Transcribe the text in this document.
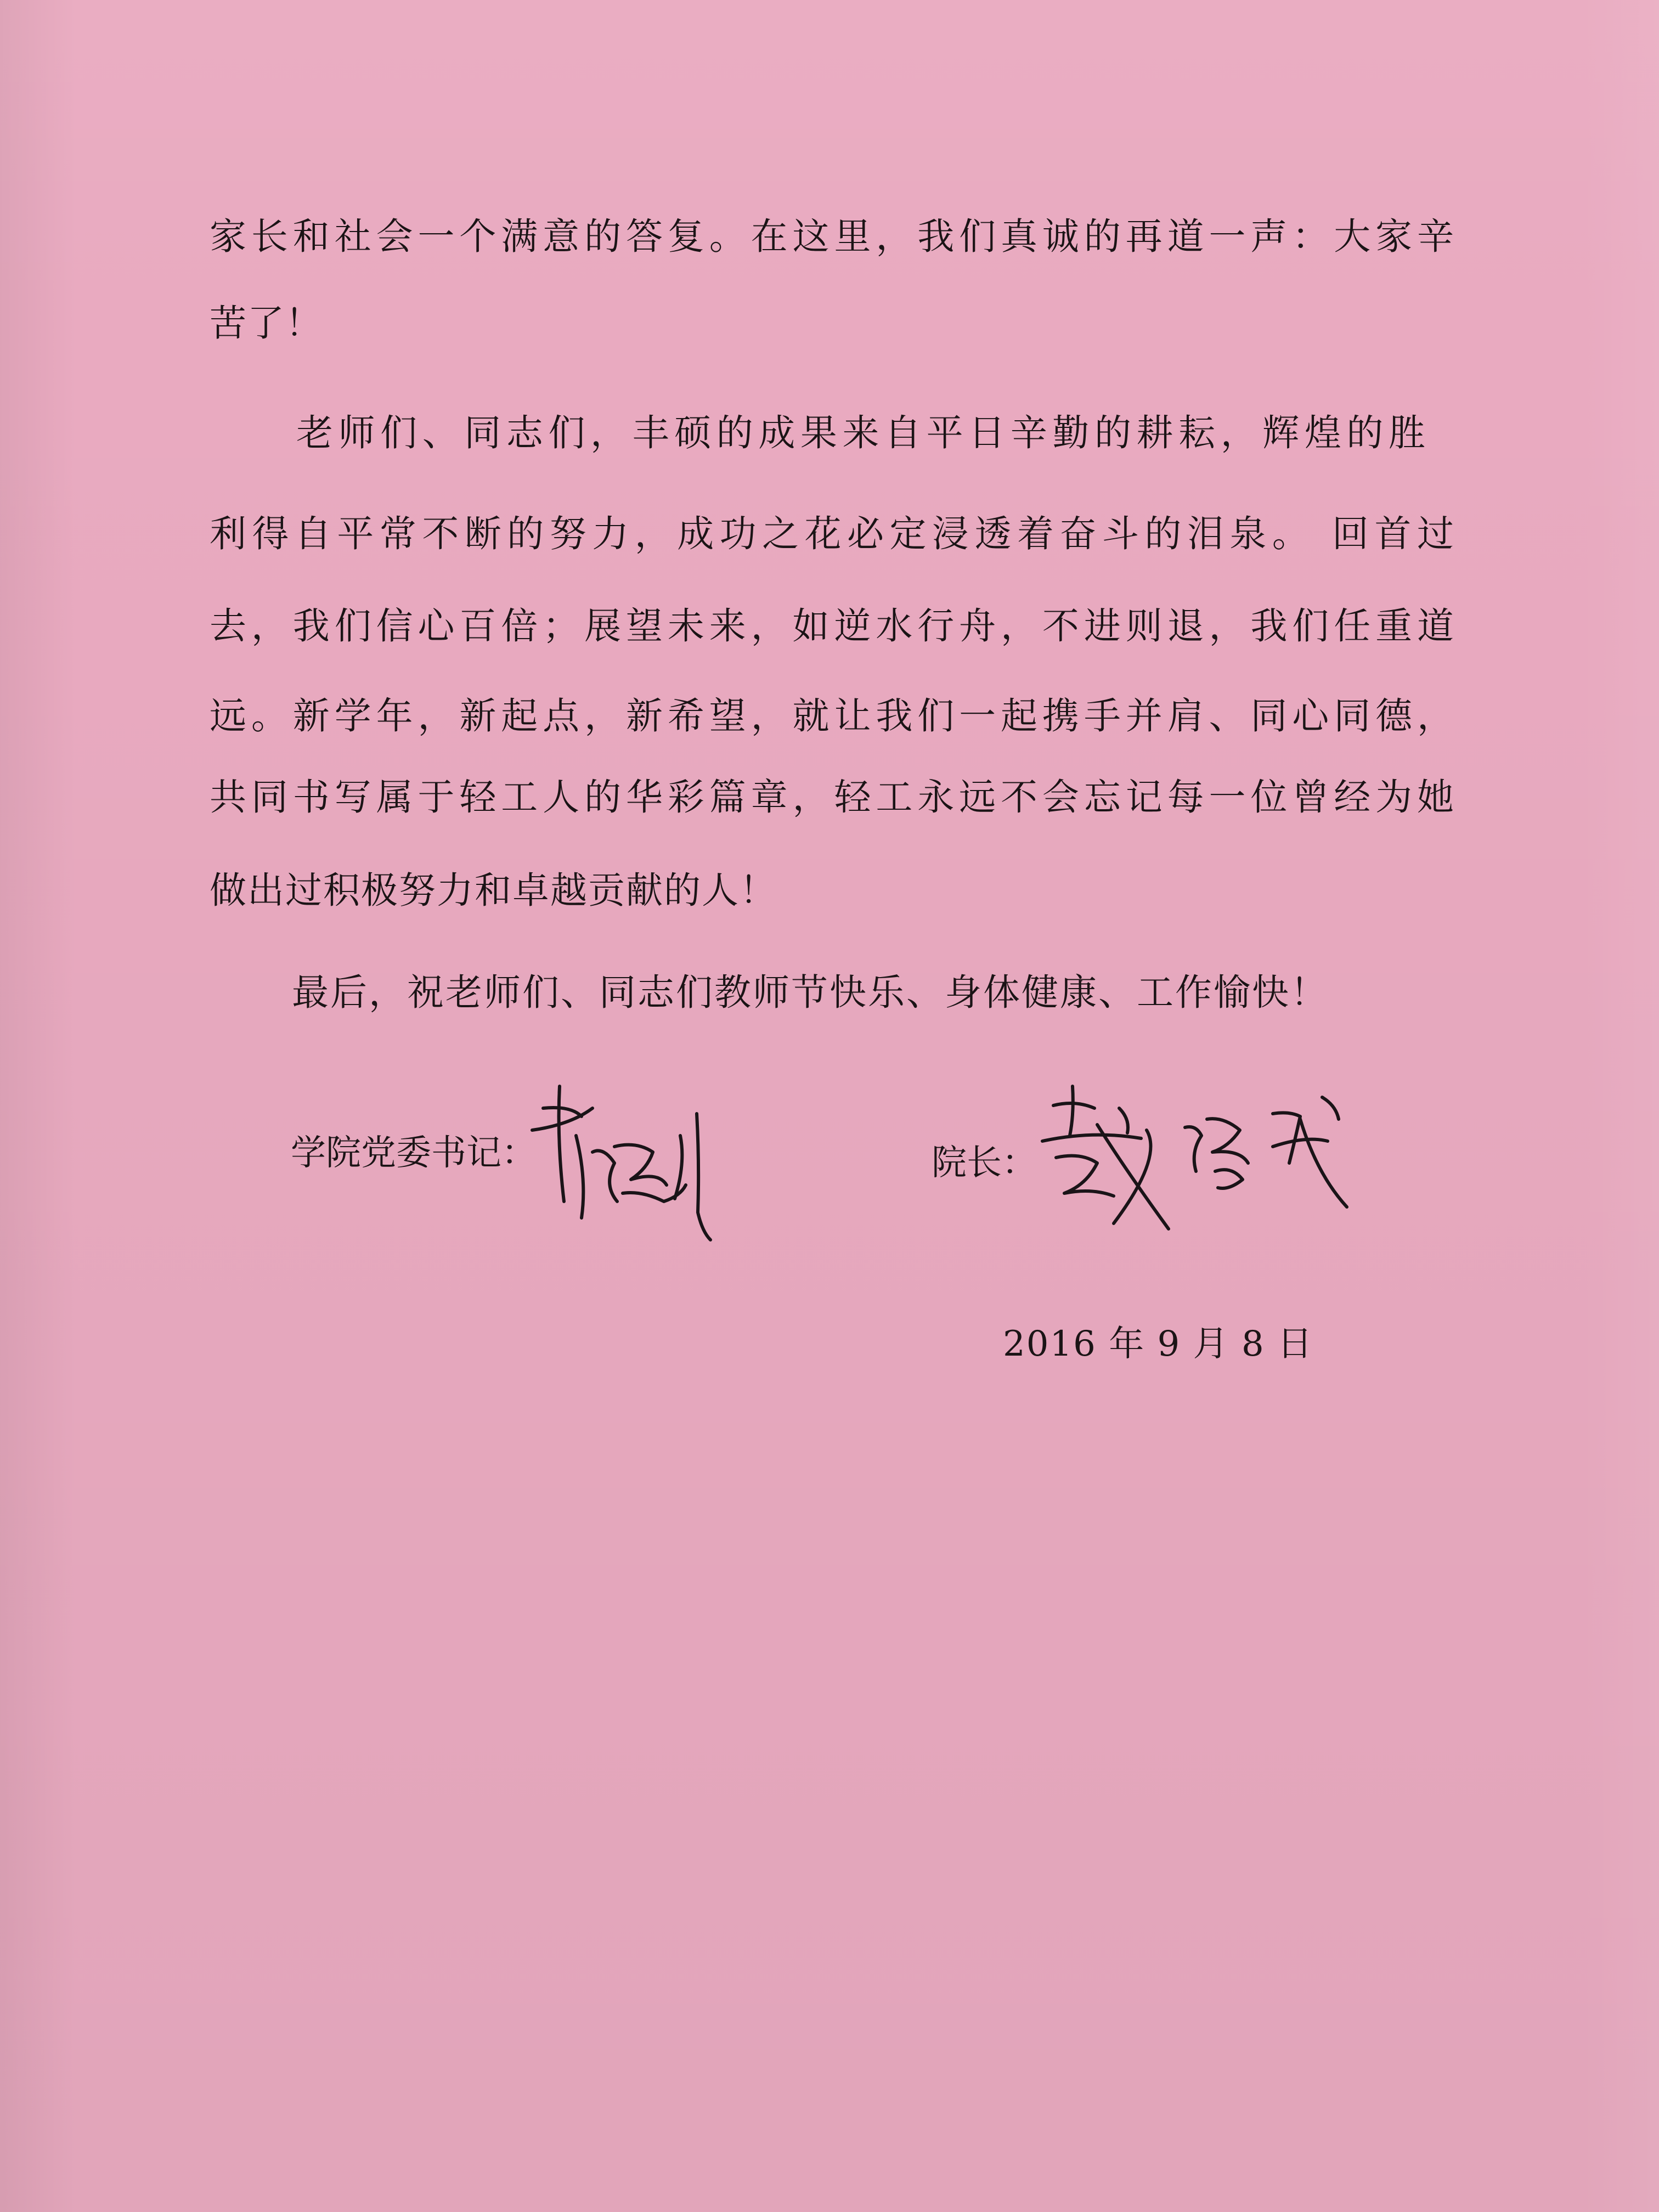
家长和社会一个满意的答复。在这里，我们真诚的再道一声：大家辛
苦了！
老师们、同志们，丰硕的成果来自平日辛勤的耕耘，辉煌的胜
利得自平常不断的努力，成功之花必定浸透着奋斗的泪泉。 回首过
去，我们信心百倍；展望未来，如逆水行舟，不进则退，我们任重道
远。新学年，新起点，新希望，就让我们一起携手并肩、同心同德，
共同书写属于轻工人的华彩篇章，轻工永远不会忘记每一位曾经为她
做出过积极努力和卓越贡献的人！
最后，祝老师们、同志们教师节快乐、身体健康、工作愉快！
学院党委书记：	院长：
2016 年 9 月 8 日
